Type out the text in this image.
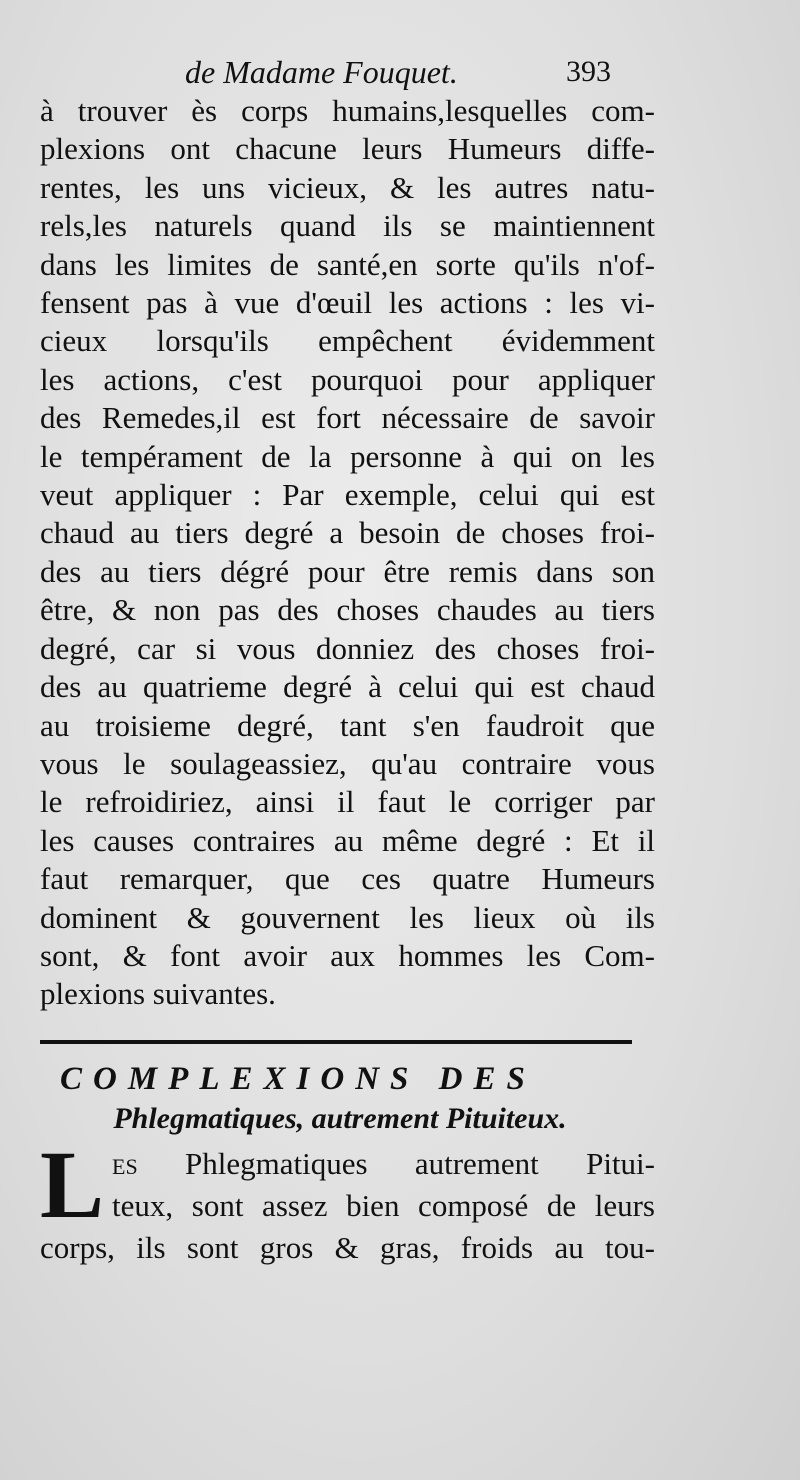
de Madame Fouquet.	393
à trouver ès corps humains,lesquelles com-
plexions ont chacune leurs Humeurs diffe-
rentes, les uns vicieux, & les autres natu-
rels,les naturels quand ils se maintiennent
dans les limites de santé,en sorte qu'ils n'of-
fensent pas à vue d'œuil les actions : les vi-
cieux lorsqu'ils empêchent évidemment
les actions, c'est pourquoi pour appliquer
des Remedes,il est fort nécessaire de savoir
le tempérament de la personne à qui on les
veut appliquer : Par exemple, celui qui est
chaud au tiers degré a besoin de choses froi-
des au tiers dégré pour être remis dans son
être, & non pas des choses chaudes au tiers
degré, car si vous donniez des choses froi-
des au quatrieme degré à celui qui est chaud
au troisieme degré, tant s'en faudroit que
vous le soulageassiez, qu'au contraire vous
le refroidiriez, ainsi il faut le corriger par
les causes contraires au même degré : Et il
faut remarquer, que ces quatre Humeurs
dominent & gouvernent les lieux où ils
sont, & font avoir aux hommes les Com-
plexions suivantes.
COMPLEXIONS DES
Phlegmatiques, autrement Pituiteux.
L es Phlegmatiques autrement Pitui-
teux, sont assez bien composé de leurs
corps, ils sont gros & gras, froids au tou-
